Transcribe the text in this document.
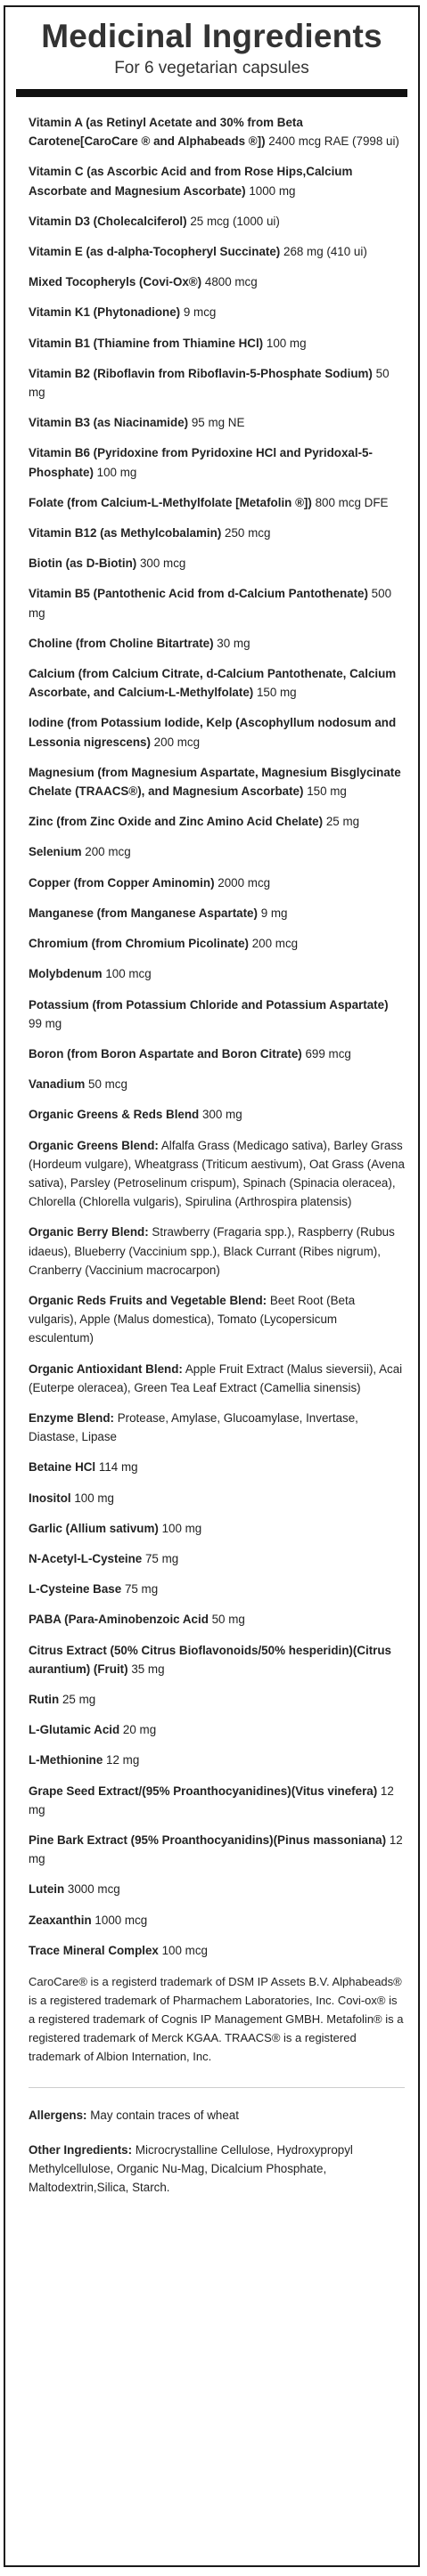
Medicinal Ingredients
For 6 vegetarian capsules

Vitamin A (as Retinyl Acetate and 30% from Beta Carotene[CaroCare ® and Alphabeads ®]) 2400 mcg RAE (7998 ui)

Vitamin C (as Ascorbic Acid and from Rose Hips,Calcium Ascorbate and Magnesium Ascorbate) 1000 mg

Vitamin D3 (Cholecalciferol) 25 mcg (1000 ui)

Vitamin E (as d-alpha-Tocopheryl Succinate) 268 mg (410 ui)

Mixed Tocopheryls (Covi-Ox®) 4800 mcg

Vitamin K1 (Phytonadione) 9 mcg

Vitamin B1 (Thiamine from Thiamine HCl) 100 mg

Vitamin B2 (Riboflavin from Riboflavin-5-Phosphate Sodium) 50 mg

Vitamin B3 (as Niacinamide) 95 mg NE

Vitamin B6 (Pyridoxine from Pyridoxine HCl and Pyridoxal-5-Phosphate) 100 mg

Folate (from Calcium-L-Methylfolate [Metafolin ®]) 800 mcg DFE

Vitamin B12 (as Methylcobalamin) 250 mcg

Biotin (as D-Biotin) 300 mcg

Vitamin B5 (Pantothenic Acid from d-Calcium Pantothenate) 500 mg

Choline (from Choline Bitartrate) 30 mg

Calcium (from Calcium Citrate, d-Calcium Pantothenate, Calcium Ascorbate, and Calcium-L-Methylfolate) 150 mg

Iodine (from Potassium Iodide, Kelp (Ascophyllum nodosum and Lessonia nigrescens) 200 mcg

Magnesium (from Magnesium Aspartate, Magnesium Bisglycinate Chelate (TRAACS®), and Magnesium Ascorbate) 150 mg

Zinc (from Zinc Oxide and Zinc Amino Acid Chelate) 25 mg

Selenium 200 mcg

Copper (from Copper Aminomin) 2000 mcg

Manganese (from Manganese Aspartate) 9 mg

Chromium (from Chromium Picolinate) 200 mcg

Molybdenum 100 mcg

Potassium (from Potassium Chloride and Potassium Aspartate) 99 mg

Boron (from Boron Aspartate and Boron Citrate) 699 mcg

Vanadium 50 mcg

Organic Greens & Reds Blend 300 mg

Organic Greens Blend: Alfalfa Grass (Medicago sativa), Barley Grass (Hordeum vulgare), Wheatgrass (Triticum aestivum), Oat Grass (Avena sativa), Parsley (Petroselinum crispum), Spinach (Spinacia oleracea), Chlorella (Chlorella vulgaris), Spirulina (Arthrospira platensis)

Organic Berry Blend: Strawberry (Fragaria spp.), Raspberry (Rubus idaeus), Blueberry (Vaccinium spp.), Black Currant (Ribes nigrum), Cranberry (Vaccinium macrocarpon)

Organic Reds Fruits and Vegetable Blend: Beet Root (Beta vulgaris), Apple (Malus domestica), Tomato (Lycopersicum esculentum)

Organic Antioxidant Blend: Apple Fruit Extract (Malus sieversii), Acai (Euterpe oleracea), Green Tea Leaf Extract (Camellia sinensis)

Enzyme Blend: Protease, Amylase, Glucoamylase, Invertase, Diastase, Lipase

Betaine HCl 114 mg

Inositol 100 mg

Garlic (Allium sativum) 100 mg

N-Acetyl-L-Cysteine 75 mg

L-Cysteine Base 75 mg

PABA (Para-Aminobenzoic Acid 50 mg

Citrus Extract (50% Citrus Bioflavonoids/50% hesperidin)(Citrus aurantium) (Fruit) 35 mg

Rutin 25 mg

L-Glutamic Acid 20 mg

L-Methionine 12 mg

Grape Seed Extract/(95% Proanthocyanidines)(Vitus vinefera) 12 mg

Pine Bark Extract (95% Proanthocyanidins)(Pinus massoniana) 12 mg

Lutein 3000 mcg

Zeaxanthin 1000 mcg

Trace Mineral Complex 100 mcg

CaroCare® is a registerd trademark of DSM IP Assets B.V. Alphabeads® is a registered trademark of Pharmachem Laboratories, Inc. Covi-ox® is a registered trademark of Cognis IP Management GMBH. Metafolin® is a registered trademark of Merck KGAA. TRAACS® is a registered trademark of Albion Internation, Inc.
Allergens: May contain traces of wheat
Other Ingredients: Microcrystalline Cellulose, Hydroxypropyl Methylcellulose, Organic Nu-Mag, Dicalcium Phosphate, Maltodextrin,Silica, Starch.
